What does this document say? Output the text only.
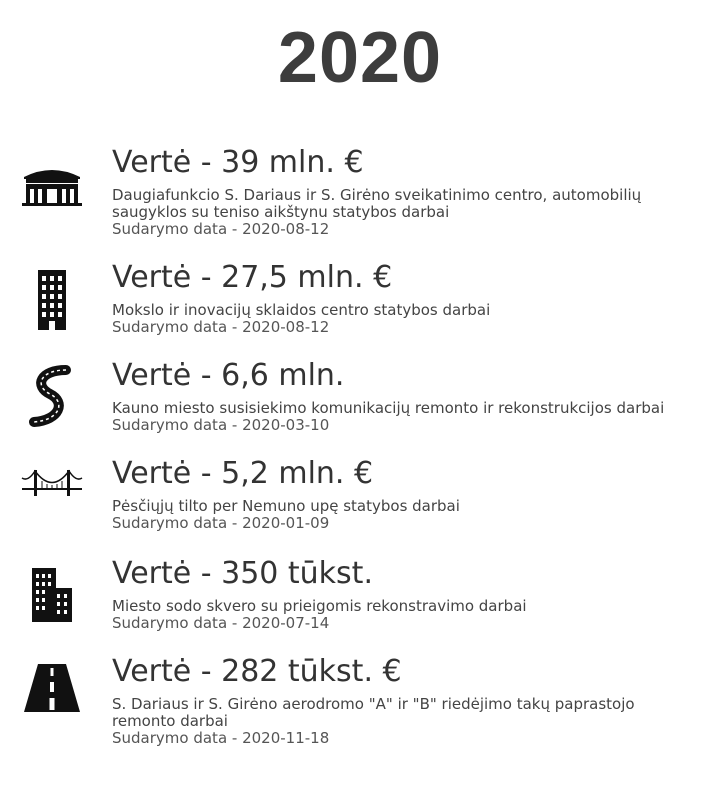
2020
Vertė - 39 mln. €
Daugiafunkcio S. Dariaus ir S. Girėno sveikatinimo centro, automobilių saugyklos su teniso aikštynu statybos darbai
Sudarymo data - 2020-08-12
Vertė - 27,5 mln. €
Mokslo ir inovacijų sklaidos centro statybos darbai
Sudarymo data - 2020-08-12
Vertė - 6,6 mln.
Kauno miesto susisiekimo komunikacijų remonto ir rekonstrukcijos darbai
Sudarymo data - 2020-03-10
Vertė - 5,2 mln. €
Pėsčiųjų tilto per Nemuno upę statybos darbai
Sudarymo data - 2020-01-09
Vertė - 350 tūkst.
Miesto sodo skvero su prieigomis rekonstravimo darbai
Sudarymo data - 2020-07-14
Vertė - 282 tūkst. €
S. Dariaus ir S. Girėno aerodromo "A" ir "B" riedėjimo takų paprastojo remonto darbai
Sudarymo data - 2020-11-18
